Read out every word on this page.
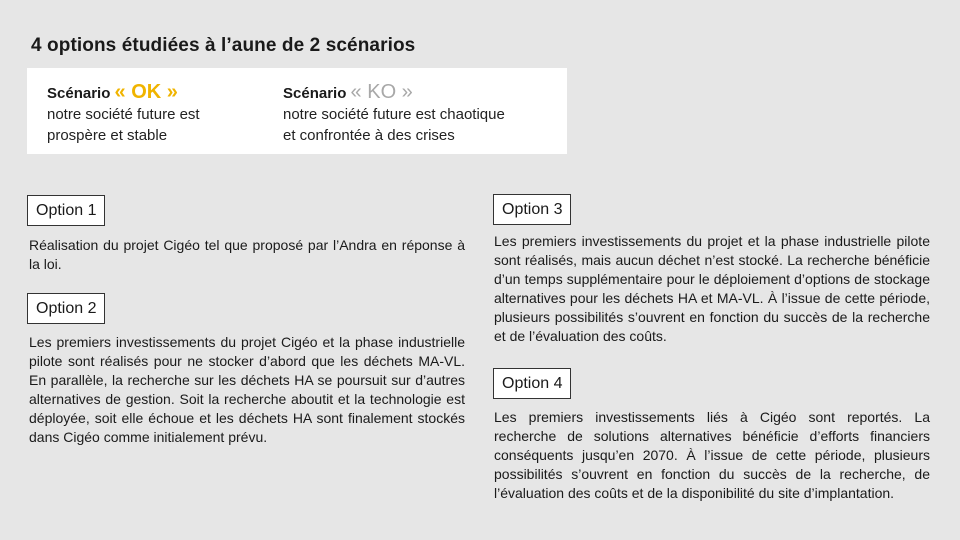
4 options étudiées à l’aune de 2 scénarios
Scénario « OK »
notre société future est
prospère et stable
Scénario « KO »
notre société future est chaotique
et confrontée à des crises
Option 1
Réalisation du projet Cigéo tel que proposé par l’Andra en réponse à la loi.
Option 2
Les premiers investissements du projet Cigéo et la phase industrielle pilote sont réalisés pour ne stocker d’abord que les déchets MA-VL. En parallèle, la recherche sur les déchets HA se poursuit sur d’autres alternatives de gestion. Soit la recherche aboutit et la technologie est déployée, soit elle échoue et les déchets HA sont finalement stockés dans Cigéo comme initialement prévu.
Option 3
Les premiers investissements du projet et la phase industrielle pilote sont réalisés, mais aucun déchet n’est stocké. La recherche bénéficie d’un temps supplémentaire pour le déploiement d’options de stockage alternatives pour les déchets HA et MA-VL. À l’issue de cette période, plusieurs possibilités s’ouvrent en fonction du succès de la recherche et de l’évaluation des coûts.
Option 4
Les premiers investissements liés à Cigéo sont reportés. La recherche de solutions alternatives bénéficie d’efforts financiers conséquents jusqu’en 2070. À l’issue de cette période, plusieurs possibilités s’ouvrent en fonction du succès de la recherche, de l’évaluation des coûts et de la disponibilité du site d’implantation.
